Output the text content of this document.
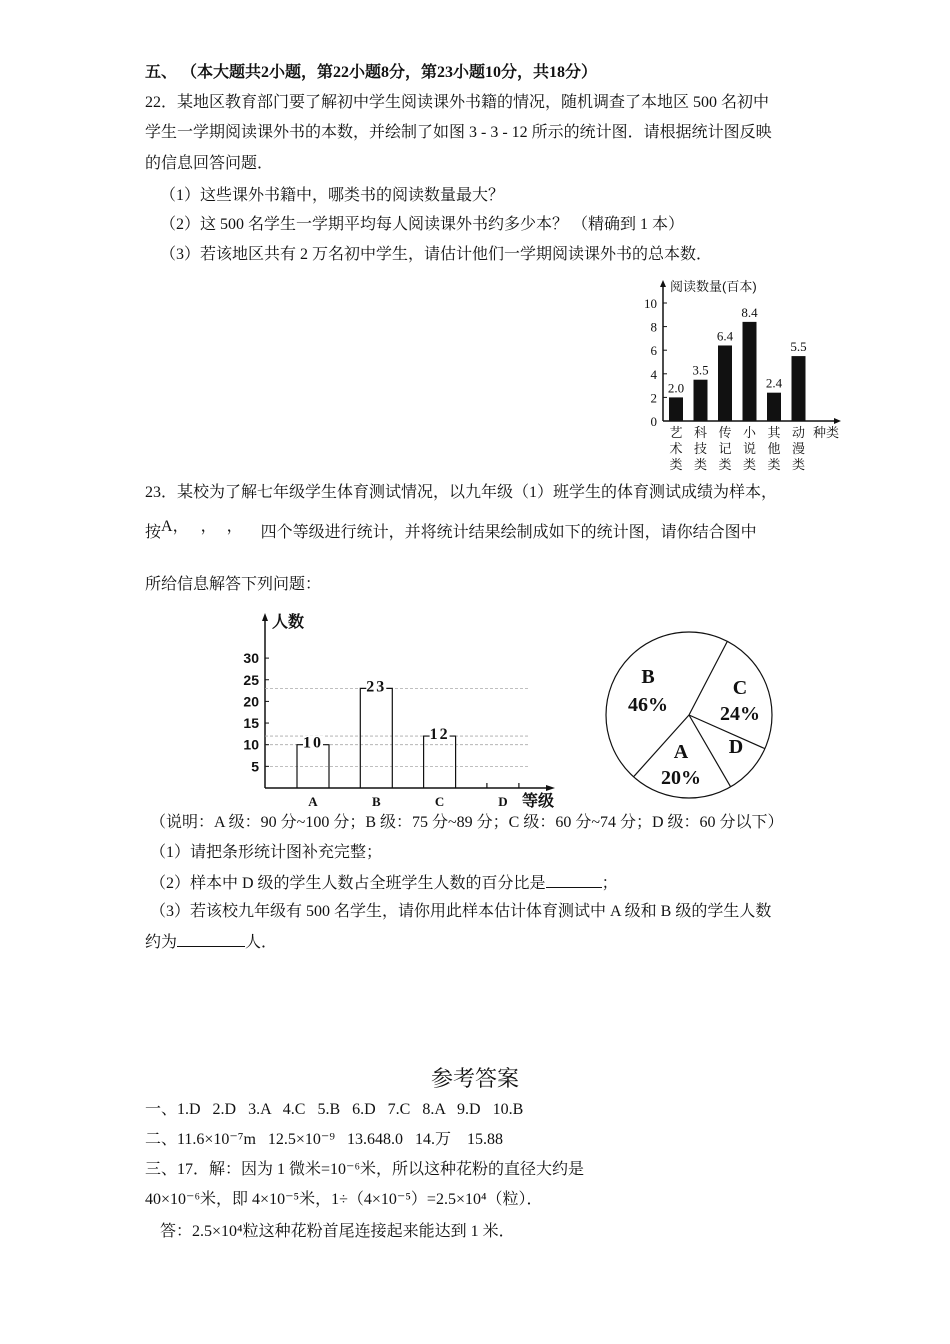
五、 （本大题共2小题，第22小题8分，第23小题10分，共18分）
22．某地区教育部门要了解初中学生阅读课外书籍的情况，随机调查了本地区 500 名初中
学生一学期阅读课外书的本数，并绘制了如图 3 - 3 - 12 所示的统计图．请根据统计图反映
的信息回答问题．
（1）这些课外书籍中，哪类书的阅读数量最大？
（2）这 500 名学生一学期平均每人阅读课外书约多少本？ （精确到 1 本）
（3）若该地区共有 2 万名初中学生，请估计他们一学期阅读课外书的总本数．
阅读数量(百本)
种类
0
2
4
6
8
10
2.0
艺
术
类
3.5
科
技
类
6.4
传
记
类
8.4
小
说
类
2.4
其
他
类
5.5
动
漫
类
23．某校为了解七年级学生体育测试情况，以九年级（1）班学生的体育测试成绩为样本，
按A， ， ， 四个等级进行统计，并将统计结果绘制成如下的统计图，请你结合图中
所给信息解答下列问题：
人数
等级
5
10
15
20
25
30
10
A
23
B
12
C	D
C
24%
D
A
20%
B
46%
（说明：A 级：90 分~100 分；B 级：75 分~89 分；C 级：60 分~74 分；D 级：60 分以下）
（1）请把条形统计图补充完整；
（2）样本中 D 级的学生人数占全班学生人数的百分比是	；
（3）若该校九年级有 500 名学生，请你用此样本估计体育测试中 A 级和 B 级的学生人数
约为	人．
参考答案
一、1.D   2.D   3.A   4.C   5.B   6.D   7.C   8.A   9.D   10.B
二、11.6×10⁻⁷m   12.5×10⁻⁹   13.648.0   14.万    15.88
三、17．解：因为 1 微米=10⁻⁶米，所以这种花粉的直径大约是
40×10⁻⁶米，即 4×10⁻⁵米，1÷（4×10⁻⁵）=2.5×10⁴（粒）．
答：2.5×10⁴粒这种花粉首尾连接起来能达到 1 米．
